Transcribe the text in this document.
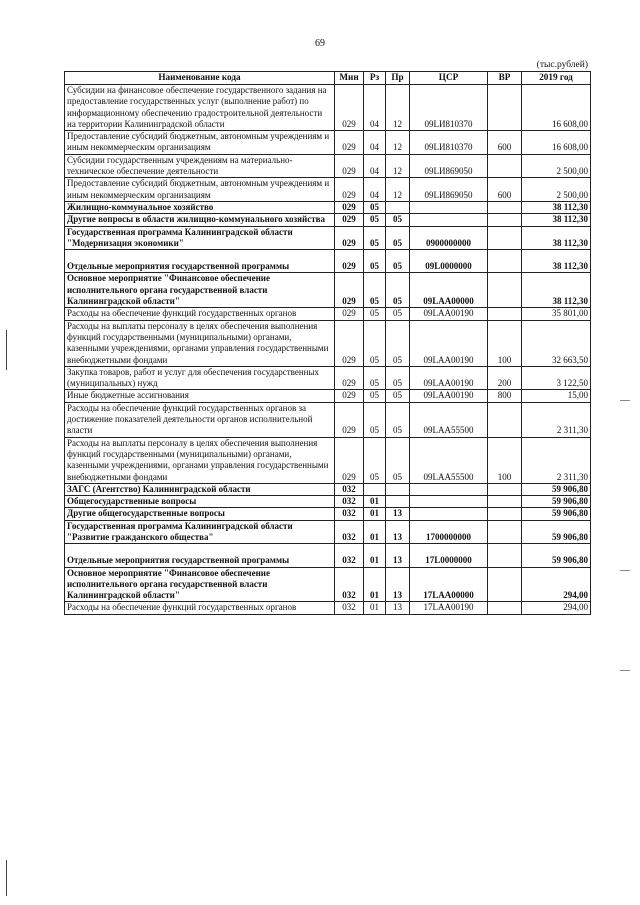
69
(тыс.рублей)
Наименование кода	Мин	Рз	Пр	ЦСР	ВР	2019 год
Субсидии на финансовое обеспечение государственного задания на предоставление государственных услуг (выполнение работ) по информационному обеспечению градостроительной деятельности на территории Калининградской области	029	04	12	09LИ810370		16 608,00
Предоставление субсидий бюджетным, автономным учреждениям и иным некоммерческим организациям	029	04	12	09LИ810370	600	16 608,00
Субсидии государственным учреждениям на материально-техническое обеспечение деятельности	029	04	12	09LИ869050		2 500,00
Предоставление субсидий бюджетным, автономным учреждениям и иным некоммерческим организациям	029	04	12	09LИ869050	600	2 500,00
Жилищно-коммунальное хозяйство	029	05				38 112,30
Другие вопросы в области жилищно-коммунального хозяйства	029	05	05			38 112,30
Государственная программа Калининградской области "Модернизация экономики"	029	05	05	0900000000		38 112,30
Отдельные мероприятия государственной программы	029	05	05	09L0000000		38 112,30
Основное мероприятие "Финансовое обеспечение исполнительного органа государственной власти Калининградской области"	029	05	05	09LAA00000		38 112,30
Расходы на обеспечение функций государственных органов	029	05	05	09LAA00190		35 801,00
Расходы на выплаты персоналу в целях обеспечения выполнения функций государственными (муниципальными) органами, казенными учреждениями, органами управления государственными внебюджетными фондами	029	05	05	09LAA00190	100	32 663,50
Закупка товаров, работ и услуг для обеспечения государственных (муниципальных) нужд	029	05	05	09LAA00190	200	3 122,50
Иные бюджетные ассигнования	029	05	05	09LAA00190	800	15,00
Расходы на обеспечение функций государственных органов за достижение показателей деятельности органов исполнительной власти	029	05	05	09LAA55500		2 311,30
Расходы на выплаты персоналу в целях обеспечения выполнения функций государственными (муниципальными) органами, казенными учреждениями, органами управления государственными внебюджетными фондами	029	05	05	09LAA55500	100	2 311,30
ЗАГС (Агентство) Калининградской области	032					59 906,80
Общегосударственные вопросы	032	01				59 906,80
Другие общегосударственные вопросы	032	01	13			59 906,80
Государственная программа Калининградской области "Развитие гражданского общества"	032	01	13	1700000000		59 906,80
Отдельные мероприятия государственной программы	032	01	13	17L0000000		59 906,80
Основное мероприятие "Финансовое обеспечение исполнительного органа государственной власти Калининградской области"	032	01	13	17LAA00000		294,00
Расходы на обеспечение функций государственных органов	032	01	13	17LAA00190		294,00
